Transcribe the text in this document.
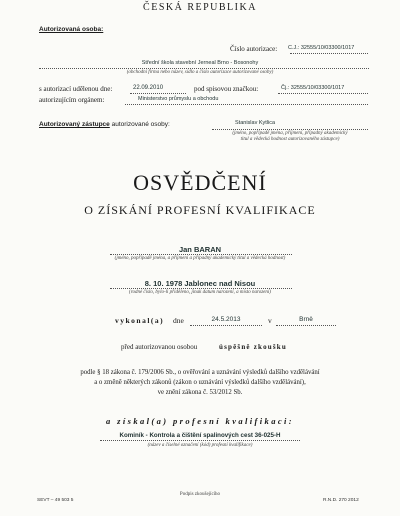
ČESKÁ REPUBLIKA
Autorizovaná osoba:
Číslo autorizace: C.J.: 32555/10/03300/1017
Střední škola stavební Jerneal Brno - Bosonohy
(obchodní firma nebo název, sídlo a číslo autorizace autorizované osoby)
s autorizací udělenou dne:	22.09.2010	pod spisovou značkou:	Čj.: 32555/10/03300/1017
autorizujícím orgánem:	Ministerstvo průmyslu a obchodu
Autorizovaný zástupce autorizované osoby:	Stanislav Kytlica
(jméno, popřípadě jména, příjmení, případný akademický
titul a vědecká hodnost autorizovaného zástupce)
OSVĚDČENÍ
O ZÍSKÁNÍ PROFESNÍ KVALIFIKACE
Jan BARAN
(jméno, popřípadě jména, a příjmení a případný akademický titul a vědecká hodnost)
8. 10. 1978 Jablonec nad Nisou
(rodné číslo, bylo-li přiděleno, jinak datum narození, a místo narození)
vykonal(a) dne	24.5.2013	v	Brně
před autorizovanou osobou	úspěšně zkoušku
podle § 18 zákona č. 179/2006 Sb., o ověřování a uznávání výsledků dalšího vzdělávání
a o změně některých zákonů (zákon o uznávání výsledků dalšího vzdělávání),
ve znění zákona č. 53/2012 Sb.
a získal(a) profesní kvalifikaci:
Kominík - Kontrola a čištění spalinových cest 36-025-H
(název a číselné označení (kód) profesní kvalifikace)
Podpis zkoušejícího
SEVT – 49 503 5	R.N.D. 270 2012
